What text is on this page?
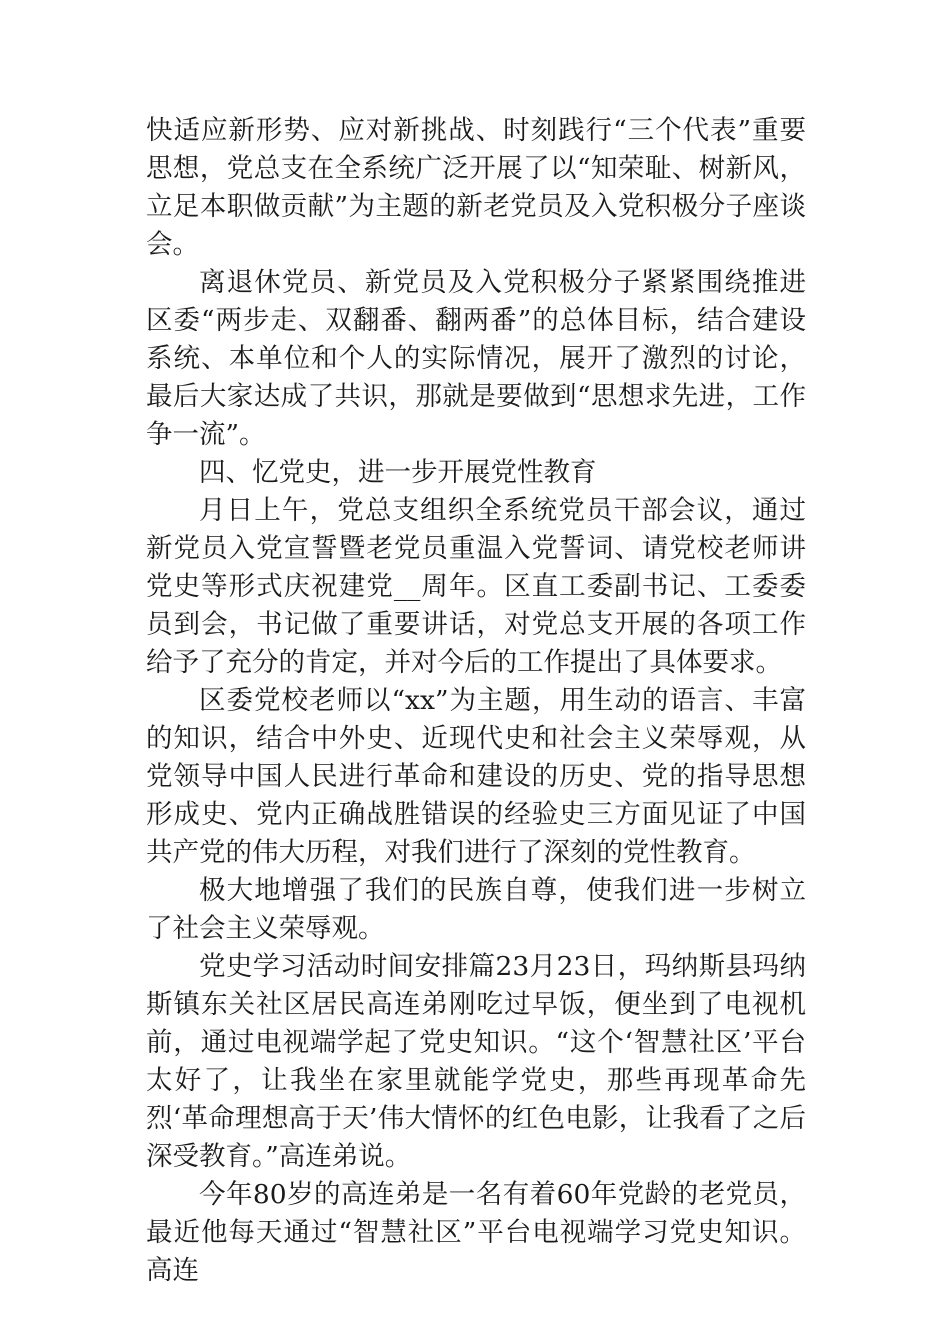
快适应新形势、应对新挑战、时刻践行“三个代表”重要思想，党总支在全系统广泛开展了以“知荣耻、树新风，立足本职做贡献”为主题的新老党员及入党积极分子座谈会。

离退休党员、新党员及入党积极分子紧紧围绕推进区委“两步走、双翻番、翻两番”的总体目标，结合建设系统、本单位和个人的实际情况，展开了激烈的讨论，最后大家达成了共识，那就是要做到“思想求先进，工作争一流”。

四、忆党史，进一步开展党性教育

月日上午，党总支组织全系统党员干部会议，通过新党员入党宣誓暨老党员重温入党誓词、请党校老师讲党史等形式庆祝建党__周年。区直工委副书记、工委委员到会，书记做了重要讲话，对党总支开展的各项工作给予了充分的肯定，并对今后的工作提出了具体要求。

区委党校老师以“xx”为主题，用生动的语言、丰富的知识，结合中外史、近现代史和社会主义荣辱观，从党领导中国人民进行革命和建设的历史、党的指导思想形成史、党内正确战胜错误的经验史三方面见证了中国共产党的伟大历程，对我们进行了深刻的党性教育。

极大地增强了我们的民族自尊，使我们进一步树立了社会主义荣辱观。

党史学习活动时间安排篇23月23日，玛纳斯县玛纳斯镇东关社区居民高连弟刚吃过早饭，便坐到了电视机前，通过电视端学起了党史知识。“这个‘智慧社区’平台太好了，让我坐在家里就能学党史，那些再现革命先烈‘革命理想高于天’伟大情怀的红色电影，让我看了之后深受教育。”高连弟说。

今年80岁的高连弟是一名有着60年党龄的老党员，最近他每天通过“智慧社区”平台电视端学习党史知识。高连
